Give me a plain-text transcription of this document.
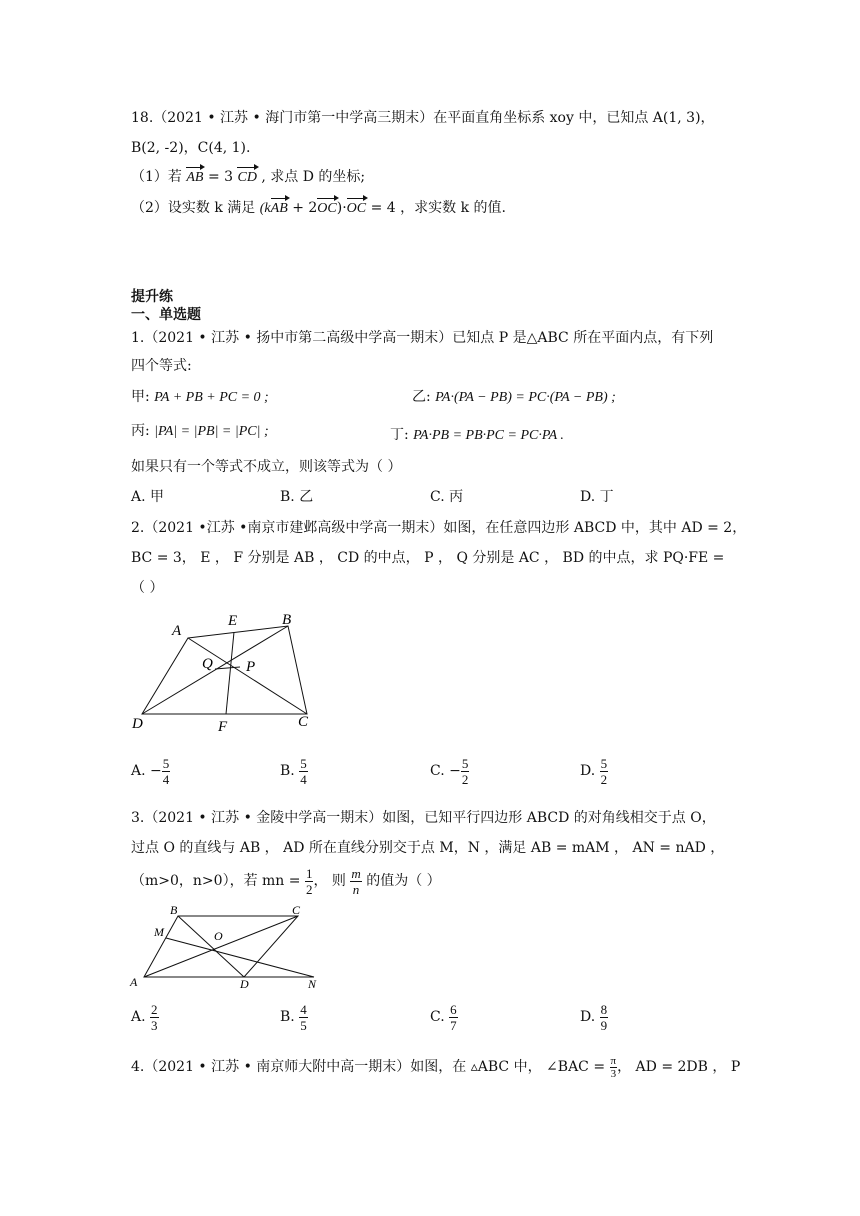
18.（2021 • 江苏 • 海门市第一中学高三期末）在平面直角坐标系 xoy 中，已知点 A(1, 3)，
B(2, -2)，C(4, 1).
（1）若 AB = 3 CD , 求点 D 的坐标;
（2）设实数 k 满足 (kAB + 2OC)·OC = 4 ，求实数 k 的值.
提升练
一、单选题
1.（2021 • 江苏 • 扬中市第二高级中学高一期末）已知点 P 是△ABC 所在平面内点，有下列
四个等式:
甲: PA + PB + PC = 0 ;	乙: PA·(PA − PB) = PC·(PA − PB) ;
丙: |PA| = |PB| = |PC| ;	丁: PA·PB = PB·PC = PC·PA .
如果只有一个等式不成立，则该等式为（ ）
A. 甲	B. 乙	C. 丙	D. 丁
2.（2021 •江苏 •南京市建邺高级中学高一期末）如图，在任意四边形 ABCD 中，其中 AD = 2，
BC = 3， E ， F 分别是 AB ， CD 的中点， P ， Q 分别是 AC ， BD 的中点，求 PQ·FE =
（ ）
A
E	B
Q P
D	F	C
A. − $\frac{5}{4}$	B. $\frac{5}{4}$	C. − $\frac{5}{2}$	D. $\frac{5}{2}$
3.（2021 • 江苏 • 金陵中学高一期末）如图，已知平行四边形 ABCD 的对角线相交于点 O，
过点 O 的直线与 AB ， AD 所在直线分别交于点 M，N ，满足 AB = mAM ， AN = nAD ，
（m>0，n>0），若 mn = $\frac{1}{2}$ ， 则 $\frac{m}{n}$ 的值为（ ）
B	C
M	O
A	D	N
A. $\frac{2}{3}$	B. $\frac{4}{5}$	C. $\frac{6}{7}$	D. $\frac{8}{9}$
4.（2021 • 江苏 • 南京师大附中高一期末）如图，在 ▵ABC 中， ∠BAC = $\frac{\pi}{3}$ ， AD = 2DB ， P
